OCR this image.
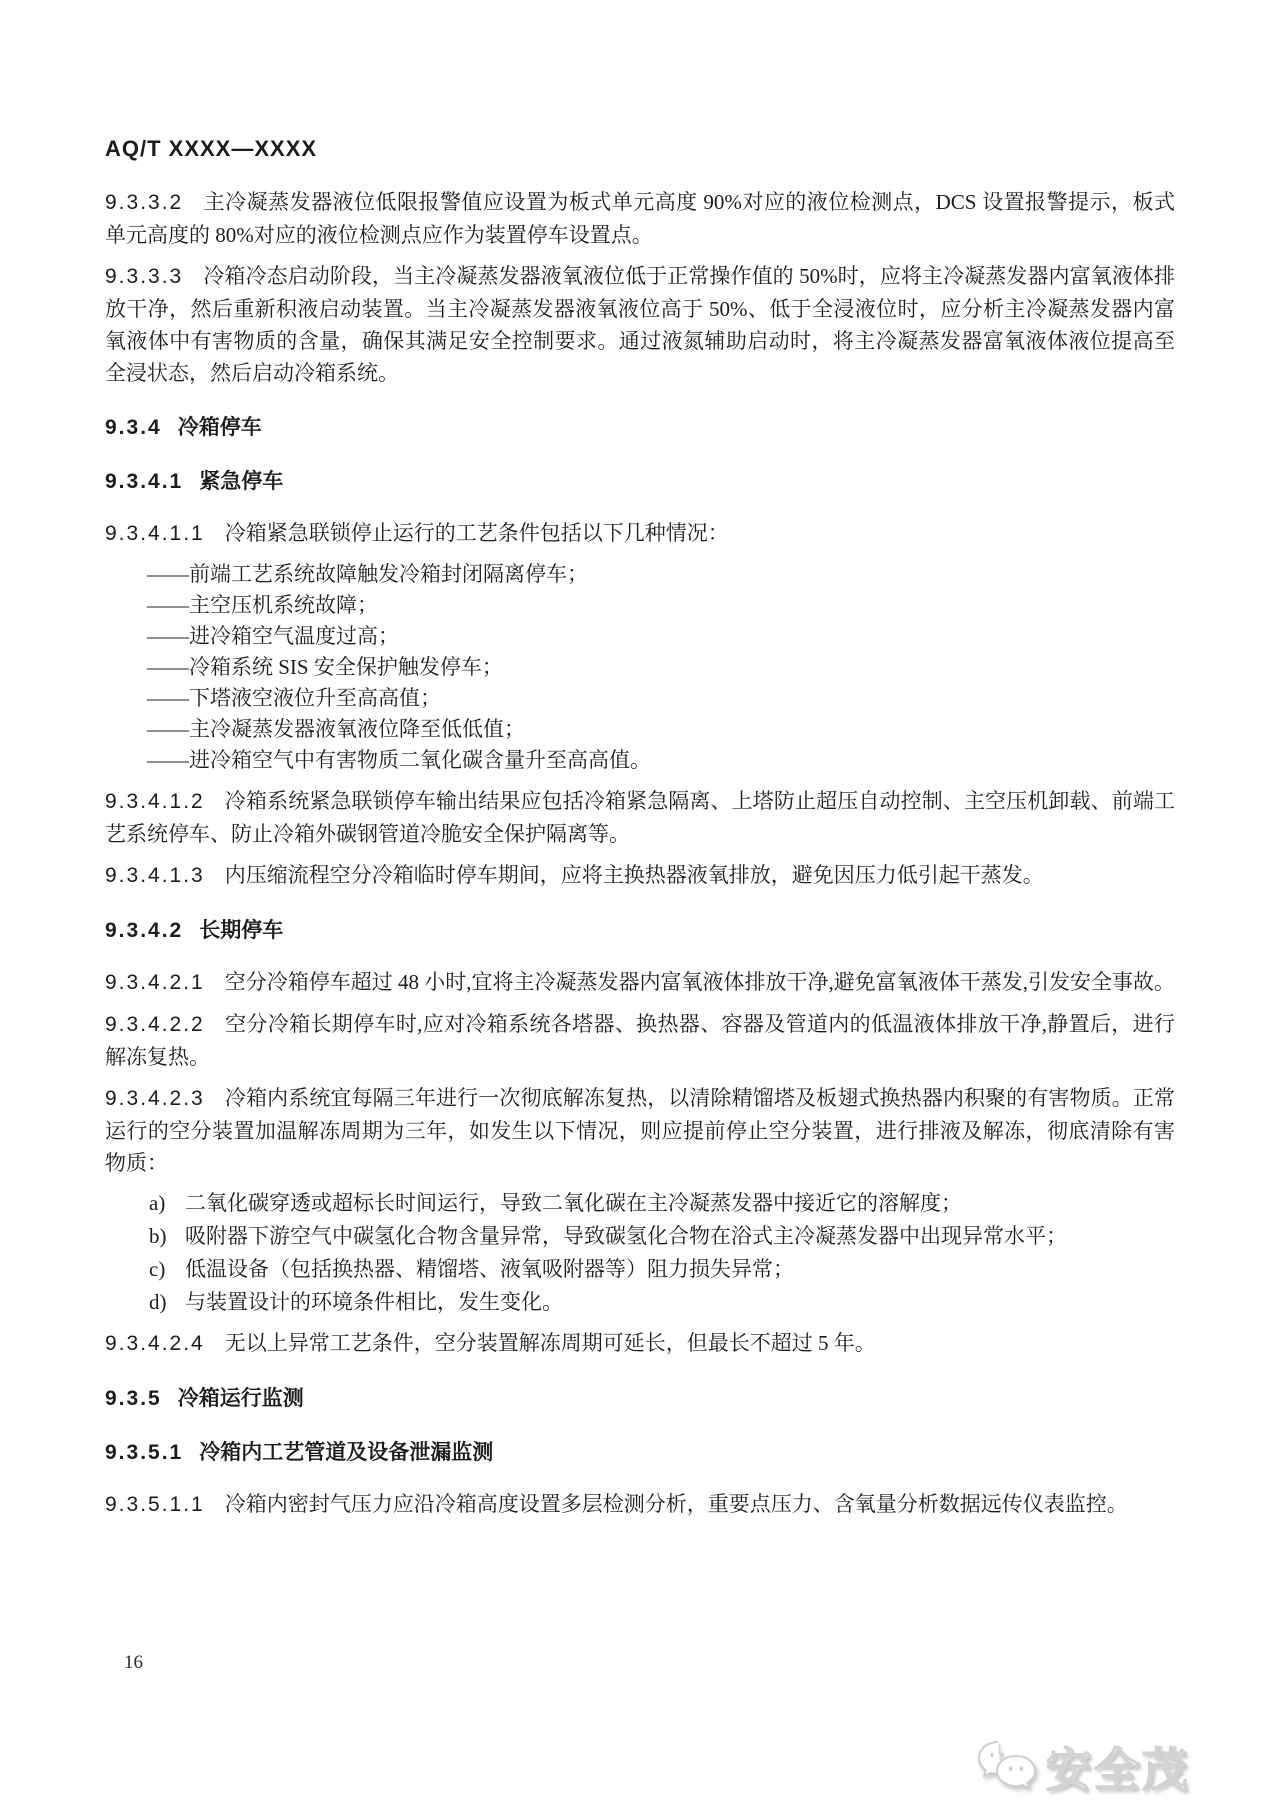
AQ/T XXXX—XXXX

9.3.3.2 主冷凝蒸发器液位低限报警值应设置为板式单元高度 90%对应的液位检测点，DCS 设置报警提示，板式单元高度的 80%对应的液位检测点应作为装置停车设置点。

9.3.3.3 冷箱冷态启动阶段，当主冷凝蒸发器液氧液位低于正常操作值的 50%时，应将主冷凝蒸发器内富氧液体排放干净，然后重新积液启动装置。当主冷凝蒸发器液氧液位高于 50%、低于全浸液位时，应分析主冷凝蒸发器内富氧液体中有害物质的含量，确保其满足安全控制要求。通过液氮辅助启动时，将主冷凝蒸发器富氧液体液位提高至全浸状态，然后启动冷箱系统。

9.3.4 冷箱停车
9.3.4.1 紧急停车

9.3.4.1.1 冷箱紧急联锁停止运行的工艺条件包括以下几种情况：

——前端工艺系统故障触发冷箱封闭隔离停车；
——主空压机系统故障；
——进冷箱空气温度过高；
——冷箱系统 SIS 安全保护触发停车；
——下塔液空液位升至高高值；
——主冷凝蒸发器液氧液位降至低低值；
——进冷箱空气中有害物质二氧化碳含量升至高高值。

9.3.4.1.2 冷箱系统紧急联锁停车输出结果应包括冷箱紧急隔离、上塔防止超压自动控制、主空压机卸载、前端工艺系统停车、防止冷箱外碳钢管道冷脆安全保护隔离等。

9.3.4.1.3 内压缩流程空分冷箱临时停车期间，应将主换热器液氧排放，避免因压力低引起干蒸发。

9.3.4.2 长期停车

9.3.4.2.1 空分冷箱停车超过 48 小时,宜将主冷凝蒸发器内富氧液体排放干净,避免富氧液体干蒸发,引发安全事故。

9.3.4.2.2 空分冷箱长期停车时,应对冷箱系统各塔器、换热器、容器及管道内的低温液体排放干净,静置后，进行解冻复热。

9.3.4.2.3 冷箱内系统宜每隔三年进行一次彻底解冻复热，以清除精馏塔及板翅式换热器内积聚的有害物质。正常运行的空分装置加温解冻周期为三年，如发生以下情况，则应提前停止空分装置，进行排液及解冻，彻底清除有害物质：

a) 二氧化碳穿透或超标长时间运行，导致二氧化碳在主冷凝蒸发器中接近它的溶解度；
b) 吸附器下游空气中碳氢化合物含量异常，导致碳氢化合物在浴式主冷凝蒸发器中出现异常水平；
c) 低温设备（包括换热器、精馏塔、液氧吸附器等）阻力损失异常；
d) 与装置设计的环境条件相比，发生变化。

9.3.4.2.4 无以上异常工艺条件，空分装置解冻周期可延长，但最长不超过 5 年。

9.3.5 冷箱运行监测
9.3.5.1 冷箱内工艺管道及设备泄漏监测

9.3.5.1.1 冷箱内密封气压力应沿冷箱高度设置多层检测分析，重要点压力、含氧量分析数据远传仪表监控。

16
安全茂
